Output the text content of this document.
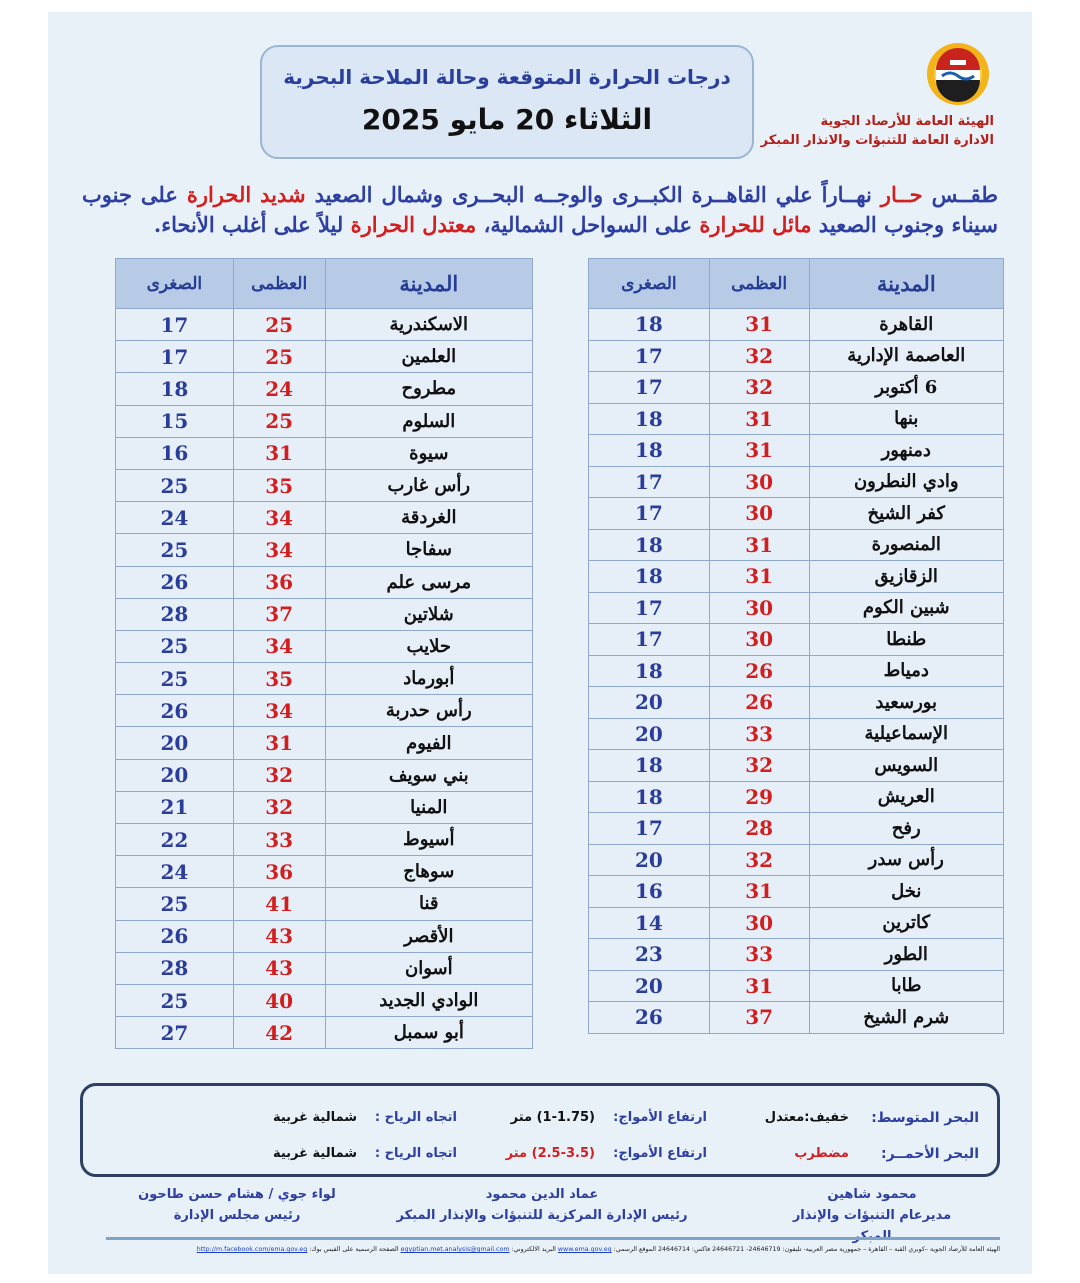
الهيئة العامة للأرصاد الجوية
الادارة العامة للتنبؤات والانذار المبكر
درجات الحرارة المتوقعة وحالة الملاحة البحرية
الثلاثاء 20 مايو 2025
طقــس حــار نهــاراً علي القاهــرة الكبــرى والوجــه البحــرى وشمال الصعيد شديد الحرارة على جنوب سيناء وجنوب الصعيد مائل للحرارة على السواحل الشمالية، معتدل الحرارة ليلاً على أغلب الأنحاء.
المدينة	العظمى	الصغرى
القاهرة	31	18
العاصمة الإدارية	32	17
6 أكتوبر	32	17
بنها	31	18
دمنهور	31	18
وادي النطرون	30	17
كفر الشيخ	30	17
المنصورة	31	18
الزقازيق	31	18
شبين الكوم	30	17
طنطا	30	17
دمياط	26	18
بورسعيد	26	20
الإسماعيلية	33	20
السويس	32	18
العريش	29	18
رفح	28	17
رأس سدر	32	20
نخل	31	16
كاترين	30	14
الطور	33	23
طابا	31	20
شرم الشيخ	37	26
المدينة	العظمى	الصغرى
الاسكندرية	25	17
العلمين	25	17
مطروح	24	18
السلوم	25	15
سيوة	31	16
رأس غارب	35	25
الغردقة	34	24
سفاجا	34	25
مرسى علم	36	26
شلاتين	37	28
حلايب	34	25
أبورماد	35	25
رأس حدربة	34	26
الفيوم	31	20
بني سويف	32	20
المنيا	32	21
أسيوط	33	22
سوهاج	36	24
قنا	41	25
الأقصر	43	26
أسوان	43	28
الوادي الجديد	40	25
أبو سمبل	42	27
البحر المتوسط:
خفيف:معتدل
ارتفاع الأمواج:
(1-1.75) متر
اتجاه الرياح :
شمالية غربية
البحر الأحمــر:
مضطرب
ارتفاع الأمواج:
(2.5-3.5) متر
اتجاه الرياح :
شمالية غربية
محمود شاهين
مديرعام التنبؤات والإنذار
عماد الدين محمود
رئيس الإدارة المركزية للتنبؤات والإنذار المبكر
لواء جوي / هشام حسن طاحون
رئيس مجلس الإدارة
الهيئة العامة للأرصاد الجوية –كوبري القبة – القاهرة – جمهورية مصر العربية- تليفون: 24646719- 24646721 فاكس: 24646714 الموقع الرسمي: www.ema.gov.eg البريد الالكتروني: egyptian.met.analysis@gmail.com الصفحة الرسمية على الفيس بوك: http://m.facebook.com/ema.gov.eg
